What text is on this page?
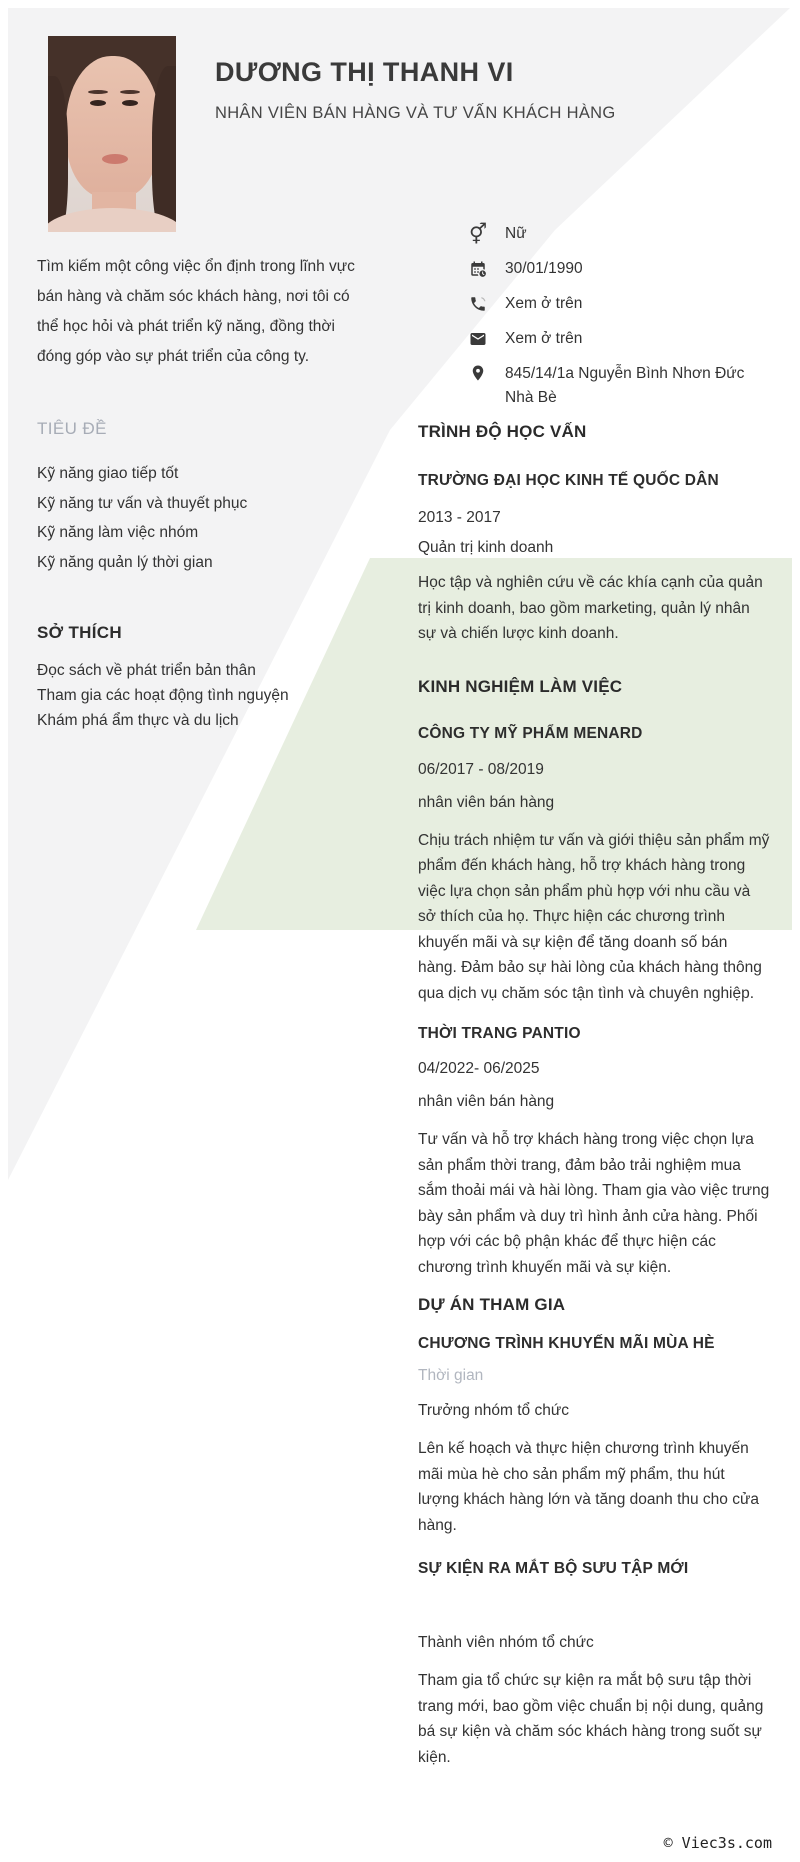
DƯƠNG THỊ THANH VI
NHÂN VIÊN BÁN HÀNG VÀ TƯ VẤN KHÁCH HÀNG
Tìm kiếm một công việc ổn định trong lĩnh vực bán hàng và chăm sóc khách hàng, nơi tôi có thể học hỏi và phát triển kỹ năng, đồng thời đóng góp vào sự phát triển của công ty.
TIÊU ĐỀ
Kỹ năng giao tiếp tốt
Kỹ năng tư vấn và thuyết phục
Kỹ năng làm việc nhóm
Kỹ năng quản lý thời gian
SỞ THÍCH
Đọc sách về phát triển bản thân
Tham gia các hoạt động tình nguyện
Khám phá ẩm thực và du lịch
⚥ Nữ
30/01/1990
Xem ở trên
Xem ở trên
845/14/1a Nguyễn Bình Nhơn Đức Nhà Bè
TRÌNH ĐỘ HỌC VẤN
TRƯỜNG ĐẠI HỌC KINH TẾ QUỐC DÂN
2013 - 2017
Quản trị kinh doanh
Học tập và nghiên cứu về các khía cạnh của quản trị kinh doanh, bao gồm marketing, quản lý nhân sự và chiến lược kinh doanh.
KINH NGHIỆM LÀM VIỆC
CÔNG TY MỸ PHẨM MENARD
06/2017 - 08/2019
nhân viên bán hàng
Chịu trách nhiệm tư vấn và giới thiệu sản phẩm mỹ phẩm đến khách hàng, hỗ trợ khách hàng trong việc lựa chọn sản phẩm phù hợp với nhu cầu và sở thích của họ. Thực hiện các chương trình khuyến mãi và sự kiện để tăng doanh số bán hàng. Đảm bảo sự hài lòng của khách hàng thông qua dịch vụ chăm sóc tận tình và chuyên nghiệp.
THỜI TRANG PANTIO
04/2022- 06/2025
nhân viên bán hàng
Tư vấn và hỗ trợ khách hàng trong việc chọn lựa sản phẩm thời trang, đảm bảo trải nghiệm mua sắm thoải mái và hài lòng. Tham gia vào việc trưng bày sản phẩm và duy trì hình ảnh cửa hàng. Phối hợp với các bộ phận khác để thực hiện các chương trình khuyến mãi và sự kiện.
DỰ ÁN THAM GIA
CHƯƠNG TRÌNH KHUYẾN MÃI MÙA HÈ
Thời gian
Trưởng nhóm tổ chức
Lên kế hoạch và thực hiện chương trình khuyến mãi mùa hè cho sản phẩm mỹ phẩm, thu hút lượng khách hàng lớn và tăng doanh thu cho cửa hàng.
SỰ KIỆN RA MẮT BỘ SƯU TẬP MỚI
Thành viên nhóm tổ chức
Tham gia tổ chức sự kiện ra mắt bộ sưu tập thời trang mới, bao gồm việc chuẩn bị nội dung, quảng bá sự kiện và chăm sóc khách hàng trong suốt sự kiện.
© Viec3s.com
